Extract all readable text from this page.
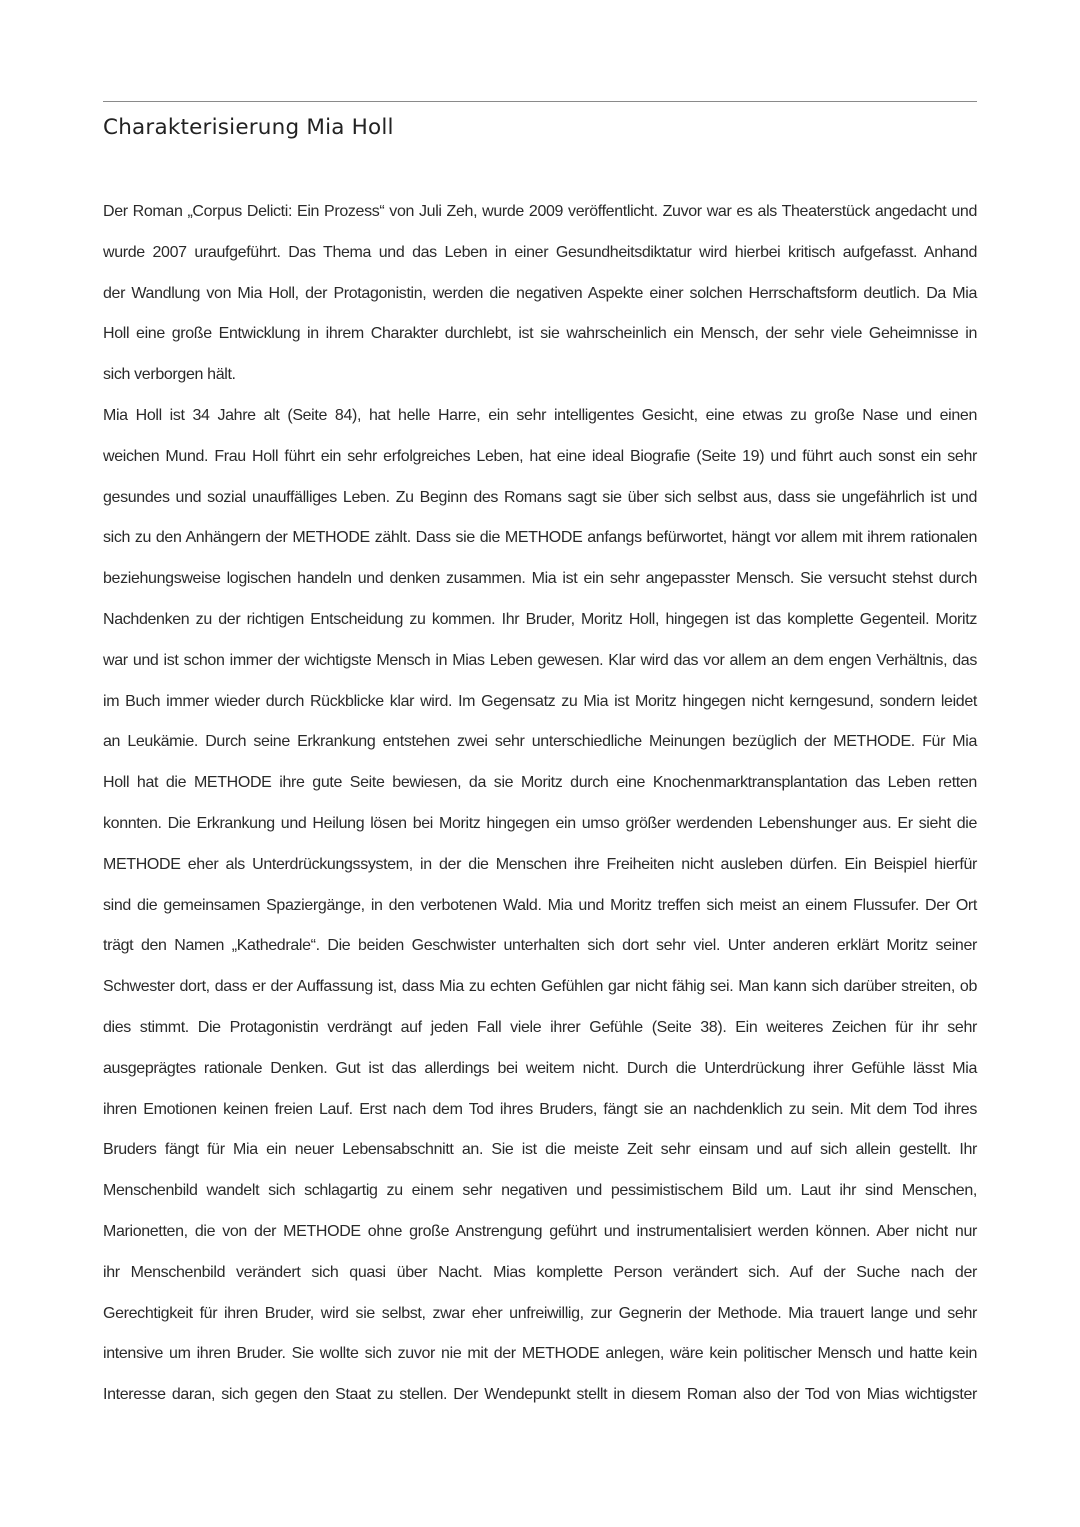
Charakterisierung Mia Holl

Der Roman „Corpus Delicti: Ein Prozess“ von Juli Zeh, wurde 2009 veröffentlicht. Zuvor war es als Theaterstück angedacht und
wurde 2007 uraufgeführt. Das Thema und das Leben in einer Gesundheitsdiktatur wird hierbei kritisch aufgefasst. Anhand
der Wandlung von Mia Holl, der Protagonistin, werden die negativen Aspekte einer solchen Herrschaftsform deutlich. Da Mia
Holl eine große Entwicklung in ihrem Charakter durchlebt, ist sie wahrscheinlich ein Mensch, der sehr viele Geheimnisse in
sich verborgen hält.

Mia Holl ist 34 Jahre alt (Seite 84), hat helle Harre, ein sehr intelligentes Gesicht, eine etwas zu große Nase und einen
weichen Mund. Frau Holl führt ein sehr erfolgreiches Leben, hat eine ideal Biografie (Seite 19) und führt auch sonst ein sehr
gesundes und sozial unauffälliges Leben. Zu Beginn des Romans sagt sie über sich selbst aus, dass sie ungefährlich ist und
sich zu den Anhängern der METHODE zählt. Dass sie die METHODE anfangs befürwortet, hängt vor allem mit ihrem rationalen
beziehungsweise logischen handeln und denken zusammen. Mia ist ein sehr angepasster Mensch. Sie versucht stehst durch
Nachdenken zu der richtigen Entscheidung zu kommen. Ihr Bruder, Moritz Holl, hingegen ist das komplette Gegenteil. Moritz
war und ist schon immer der wichtigste Mensch in Mias Leben gewesen. Klar wird das vor allem an dem engen Verhältnis, das
im Buch immer wieder durch Rückblicke klar wird. Im Gegensatz zu Mia ist Moritz hingegen nicht kerngesund, sondern leidet
an Leukämie. Durch seine Erkrankung entstehen zwei sehr unterschiedliche Meinungen bezüglich der METHODE. Für Mia
Holl hat die METHODE ihre gute Seite bewiesen, da sie Moritz durch eine Knochenmarktransplantation das Leben retten
konnten. Die Erkrankung und Heilung lösen bei Moritz hingegen ein umso größer werdenden Lebenshunger aus. Er sieht die
METHODE eher als Unterdrückungssystem, in der die Menschen ihre Freiheiten nicht ausleben dürfen. Ein Beispiel hierfür
sind die gemeinsamen Spaziergänge, in den verbotenen Wald. Mia und Moritz treffen sich meist an einem Flussufer. Der Ort
trägt den Namen „Kathedrale“. Die beiden Geschwister unterhalten sich dort sehr viel. Unter anderen erklärt Moritz seiner
Schwester dort, dass er der Auffassung ist, dass Mia zu echten Gefühlen gar nicht fähig sei. Man kann sich darüber streiten, ob
dies stimmt. Die Protagonistin verdrängt auf jeden Fall viele ihrer Gefühle (Seite 38). Ein weiteres Zeichen für ihr sehr
ausgeprägtes rationale Denken. Gut ist das allerdings bei weitem nicht. Durch die Unterdrückung ihrer Gefühle lässt Mia
ihren Emotionen keinen freien Lauf. Erst nach dem Tod ihres Bruders, fängt sie an nachdenklich zu sein. Mit dem Tod ihres
Bruders fängt für Mia ein neuer Lebensabschnitt an. Sie ist die meiste Zeit sehr einsam und auf sich allein gestellt. Ihr
Menschenbild wandelt sich schlagartig zu einem sehr negativen und pessimistischem Bild um. Laut ihr sind Menschen,
Marionetten, die von der METHODE ohne große Anstrengung geführt und instrumentalisiert werden können. Aber nicht nur
ihr Menschenbild verändert sich quasi über Nacht. Mias komplette Person verändert sich. Auf der Suche nach der
Gerechtigkeit für ihren Bruder, wird sie selbst, zwar eher unfreiwillig, zur Gegnerin der Methode. Mia trauert lange und sehr
intensive um ihren Bruder. Sie wollte sich zuvor nie mit der METHODE anlegen, wäre kein politischer Mensch und hatte kein
Interesse daran, sich gegen den Staat zu stellen. Der Wendepunkt stellt in diesem Roman also der Tod von Mias wichtigster
